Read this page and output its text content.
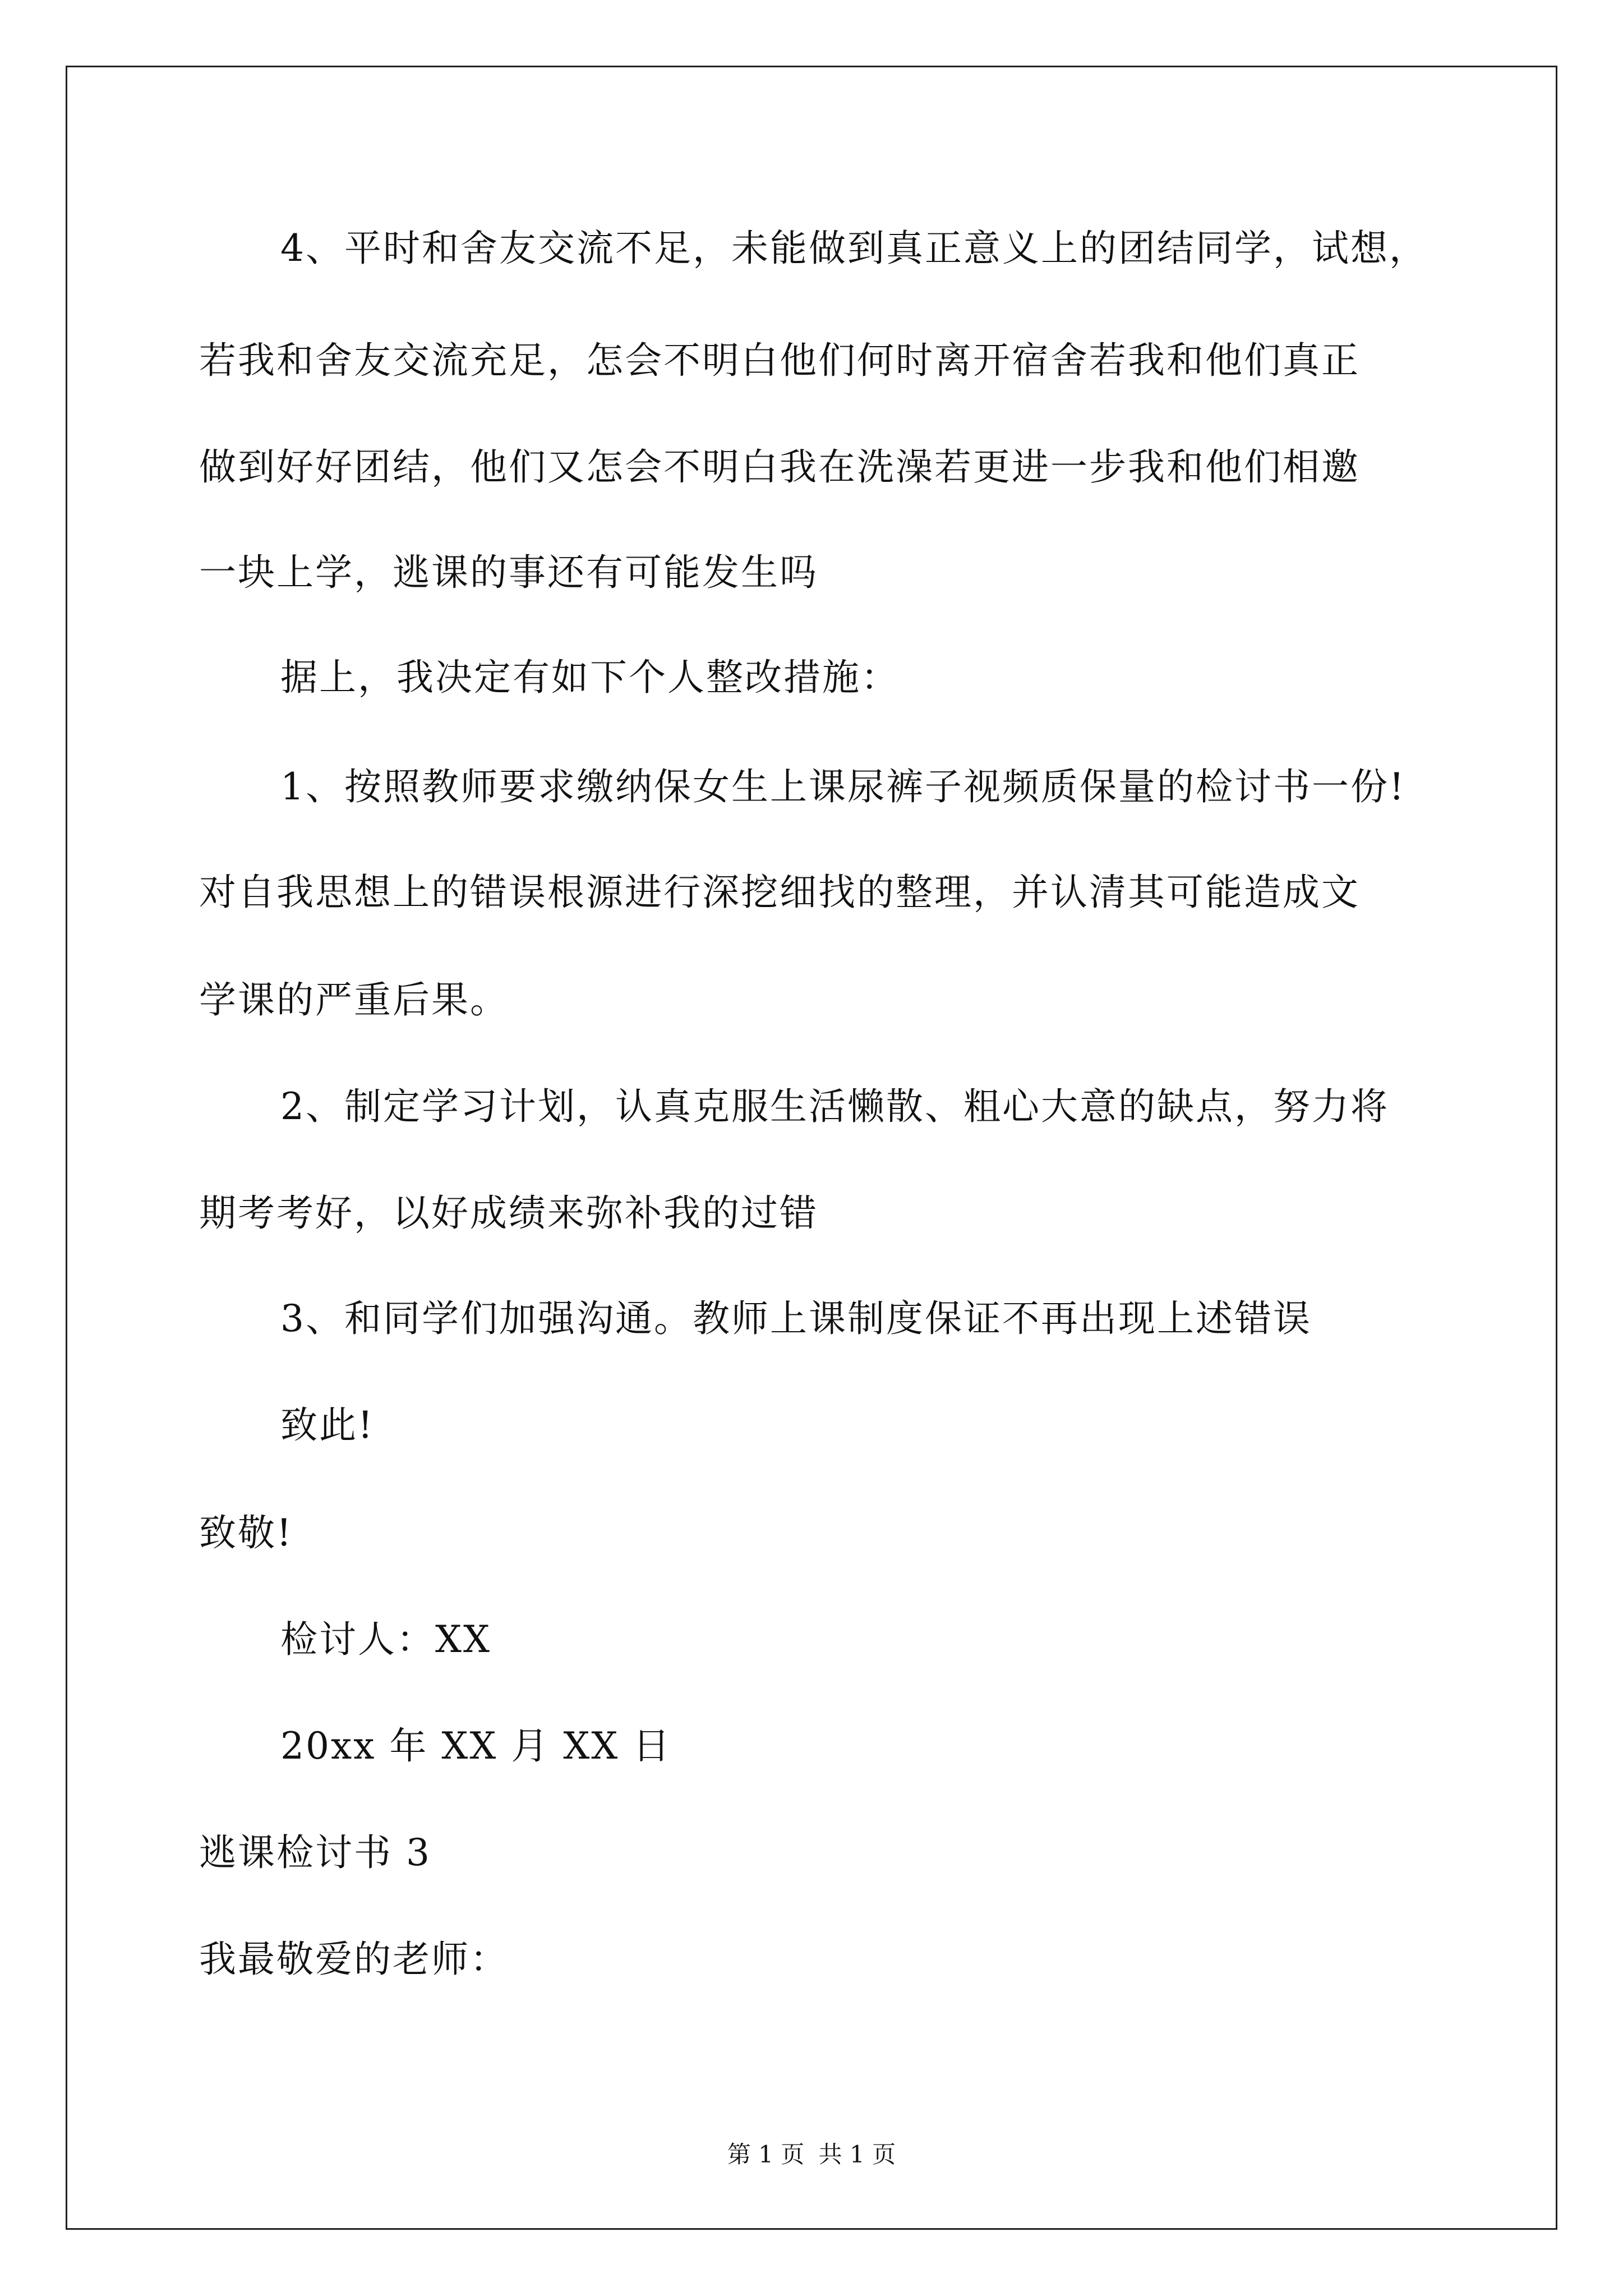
4、平时和舍友交流不足，未能做到真正意义上的团结同学，试想，
若我和舍友交流充足，怎会不明白他们何时离开宿舍若我和他们真正
做到好好团结，他们又怎会不明白我在洗澡若更进一步我和他们相邀
一块上学，逃课的事还有可能发生吗
据上，我决定有如下个人整改措施：
1、按照教师要求缴纳保女生上课尿裤子视频质保量的检讨书一份!
对自我思想上的错误根源进行深挖细找的整理，并认清其可能造成文
学课的严重后果。
2、制定学习计划，认真克服生活懒散、粗心大意的缺点，努力将
期考考好，以好成绩来弥补我的过错
3、和同学们加强沟通。教师上课制度保证不再出现上述错误
致此!
致敬!
检讨人：XX
20xx 年 XX 月 XX 日
逃课检讨书 3
我最敬爱的老师：
第 1 页 共 1 页
